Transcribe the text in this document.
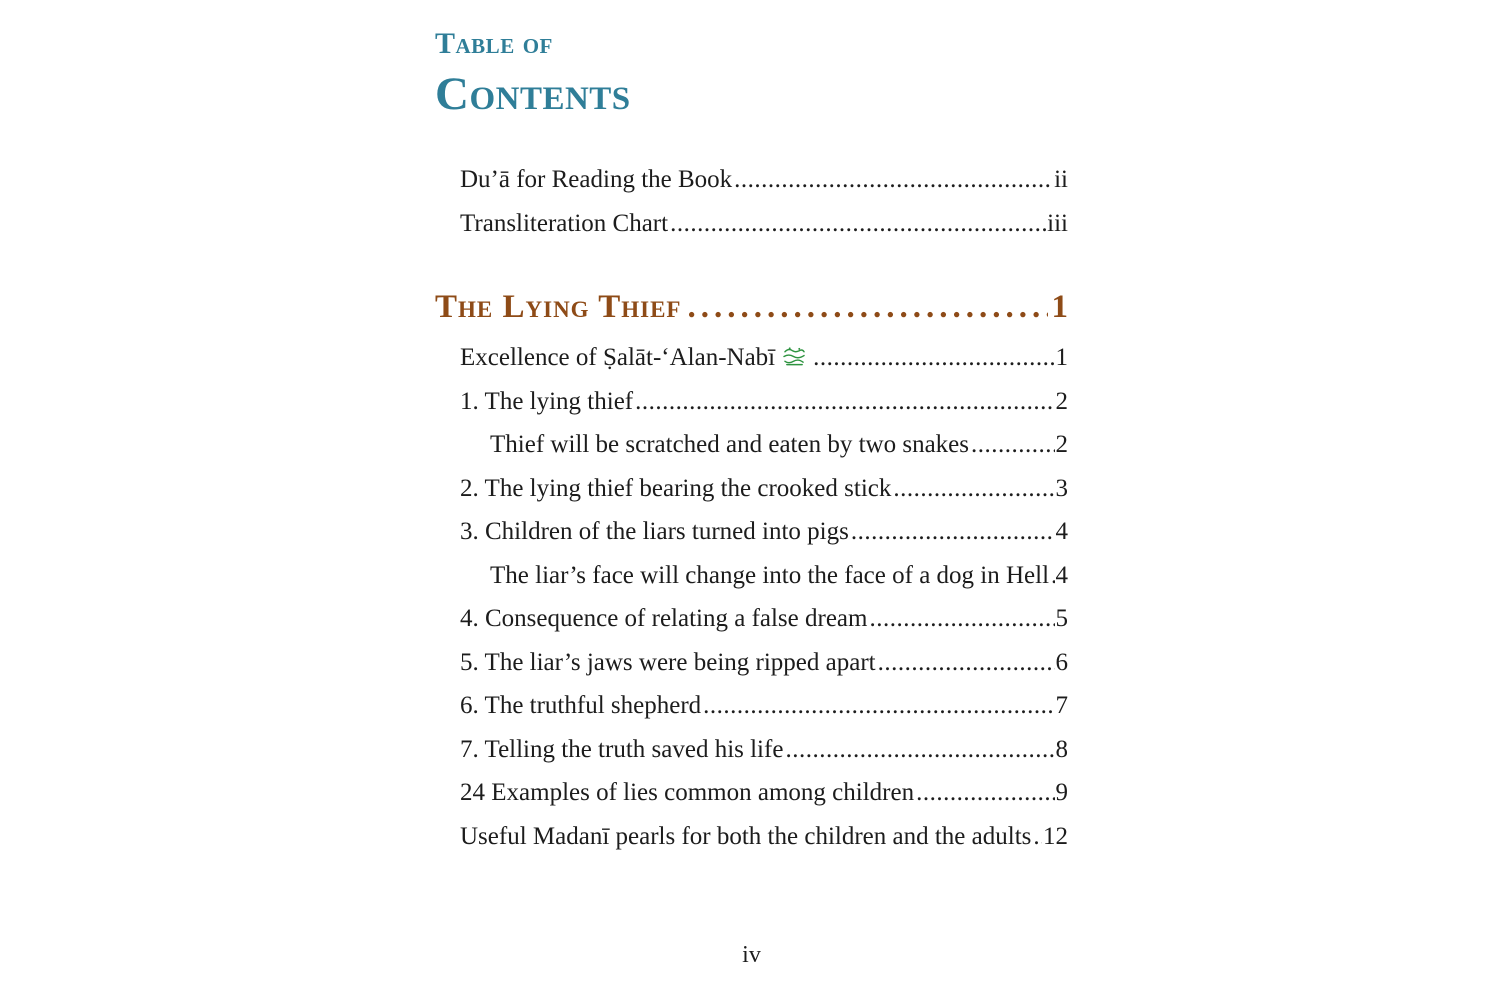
Table of
Contents
Du’ā for Reading the Book .....	ii
Transliteration Chart .....	iii
The Lying Thief .....	1
Excellence of Ṣalāt-‘Alan-Nabī .....	1
1. The lying thief .....	2
Thief will be scratched and eaten by two snakes .....	2
2. The lying thief bearing the crooked stick .....	3
3. Children of the liars turned into pigs .....	4
The liar’s face will change into the face of a dog in Hell ..... 4
4. Consequence of relating a false dream .....	5
5. The liar’s jaws were being ripped apart .....	6
6. The truthful shepherd .....	7
7. Telling the truth saved his life .....	8
24 Examples of lies common among children .....	9
Useful Madanī pearls for both the children and the adults ..... 12
iv
